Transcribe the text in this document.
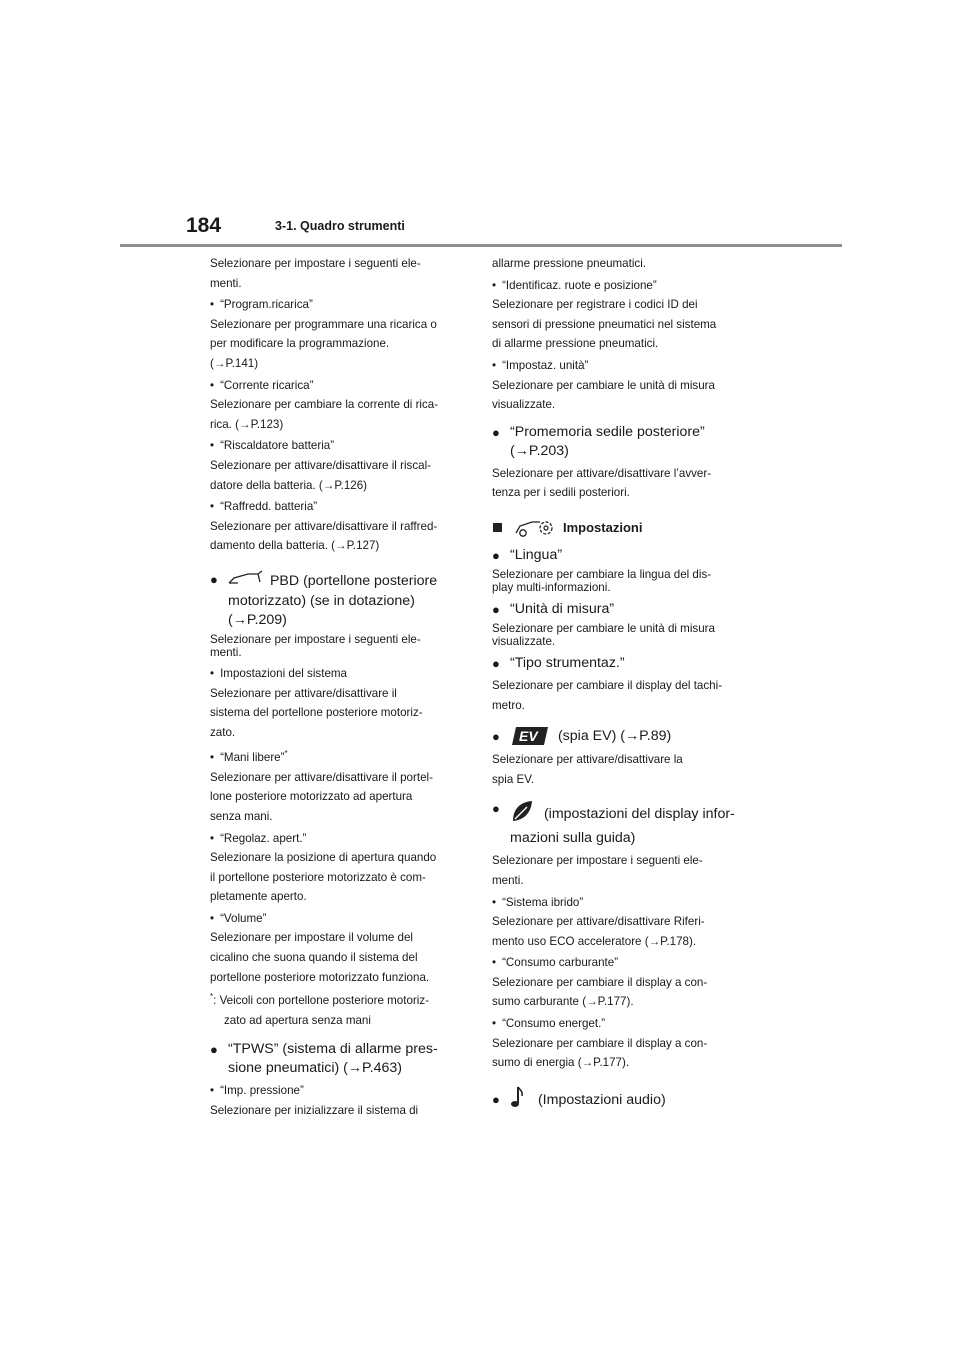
184	3-1. Quadro strumenti

Selezionare per impostare i seguenti ele-

menti.

• “Program.ricarica”

Selezionare per programmare una ricarica o

per modificare la programmazione.

(→P.141)

• “Corrente ricarica”

Selezionare per cambiare la corrente di rica-

rica. (→P.123)

• “Riscaldatore batteria”

Selezionare per attivare/disattivare il riscal-

datore della batteria. (→P.126)

• “Raffredd. batteria”

Selezionare per attivare/disattivare il raffred-

damento della batteria. (→P.127)

●	PBD (portellone posteriore
motorizzato) (se in dotazione)
(→P.209)

Selezionare per impostare i seguenti ele-

menti.

• Impostazioni del sistema

Selezionare per attivare/disattivare il

sistema del portellone posteriore motoriz-

zato.

• “Mani libere”*

Selezionare per attivare/disattivare il portel-

lone posteriore motorizzato ad apertura

senza mani.

• “Regolaz. apert.”

Selezionare la posizione di apertura quando

il portellone posteriore motorizzato è com-

pletamente aperto.

• “Volume”

Selezionare per impostare il volume del

cicalino che suona quando il sistema del

portellone posteriore motorizzato funziona.

*: Veicoli con portellone posteriore motoriz-

zato ad apertura senza mani

● “TPWS” (sistema di allarme pres-
sione pneumatici) (→P.463)

• “Imp. pressione”

Selezionare per inizializzare il sistema di

allarme pressione pneumatici.

• “Identificaz. ruote e posizione”

Selezionare per registrare i codici ID dei

sensori di pressione pneumatici nel sistema

di allarme pressione pneumatici.

• “Impostaz. unità”

Selezionare per cambiare le unità di misura

visualizzate.

● “Promemoria sedile posteriore”
(→P.203)

Selezionare per attivare/disattivare l’avver-

tenza per i sedili posteriori.

Impostazioni
● “Lingua”

Selezionare per cambiare la lingua del dis-

play multi-informazioni.

● “Unità di misura”

Selezionare per cambiare le unità di misura

visualizzate.

● “Tipo strumentaz.”

Selezionare per cambiare il display del tachi-

metro.

●	EV (spia EV) (→P.89)

Selezionare per attivare/disattivare la

spia EV.

●	(impostazioni del display infor-
mazioni sulla guida)

Selezionare per impostare i seguenti ele-

menti.

• “Sistema ibrido”

Selezionare per attivare/disattivare Riferi-

mento uso ECO acceleratore (→P.178).

• “Consumo carburante”

Selezionare per cambiare il display a con-

sumo carburante (→P.177).

• “Consumo energet.”

Selezionare per cambiare il display a con-

sumo di energia (→P.177).

●	(Impostazioni audio)
